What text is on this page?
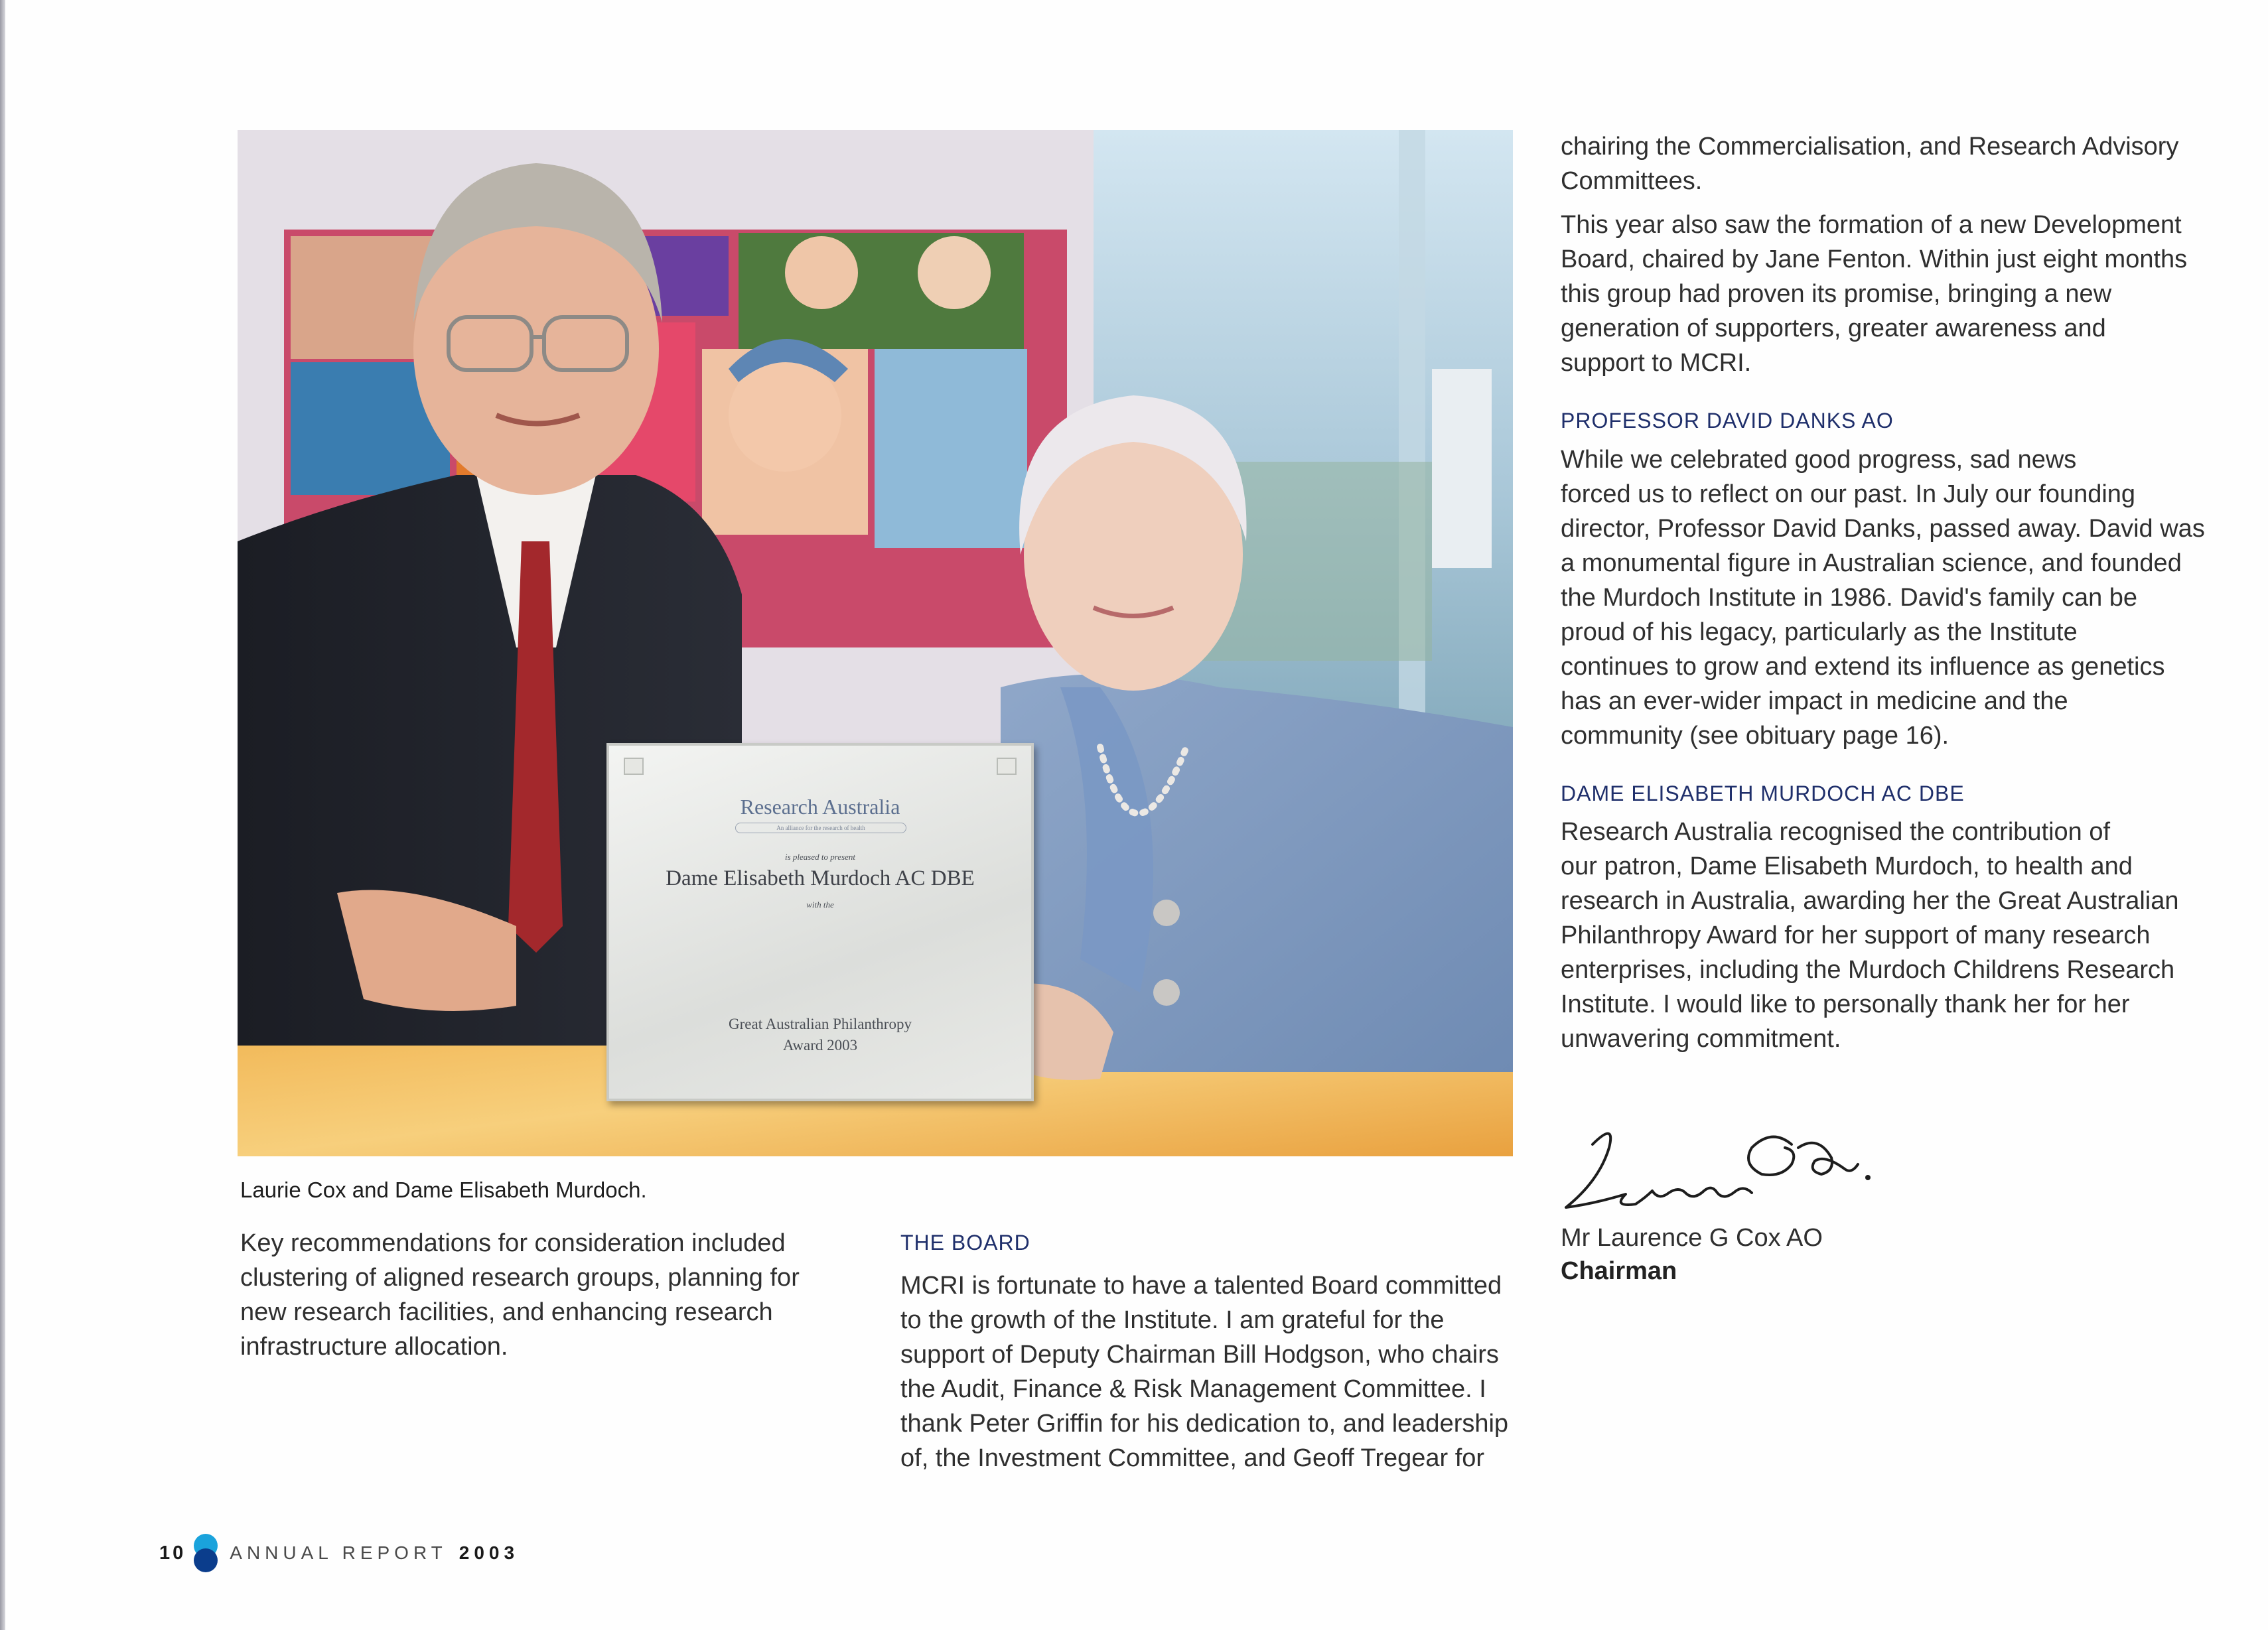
Research Australia
An alliance for the research of health
is pleased to present
Dame Elisabeth Murdoch AC DBE
with the
Great Australian Philanthropy
Award 2003
Laurie Cox and Dame Elisabeth Murdoch.

Key recommendations for consideration included
clustering of aligned research groups, planning for
new research facilities, and enhancing research
infrastructure allocation.

THE BOARD

MCRI is fortunate to have a talented Board committed
to the growth of the Institute. I am grateful for the
support of Deputy Chairman Bill Hodgson, who chairs
the Audit, Finance & Risk Management Committee. I
thank Peter Griffin for his dedication to, and leadership
of, the Investment Committee, and Geoff Tregear for

chairing the Commercialisation, and Research Advisory
Committees.

This year also saw the formation of a new Development
Board, chaired by Jane Fenton. Within just eight months
this group had proven its promise, bringing a new
generation of supporters, greater awareness and
support to MCRI.

PROFESSOR DAVID DANKS AO

While we celebrated good progress, sad news
forced us to reflect on our past. In July our founding
director, Professor David Danks, passed away. David was
a monumental figure in Australian science, and founded
the Murdoch Institute in 1986. David's family can be
proud of his legacy, particularly as the Institute
continues to grow and extend its influence as genetics
has an ever-wider impact in medicine and the
community (see obituary page 16).

DAME ELISABETH MURDOCH AC DBE

Research Australia recognised the contribution of
our patron, Dame Elisabeth Murdoch, to health and
research in Australia, awarding her the Great Australian
Philanthropy Award for her support of many research
enterprises, including the Murdoch Childrens Research
Institute. I would like to personally thank her for her
unwavering commitment.

Mr Laurence G Cox AO
Chairman
10 ANNUAL REPORT 2003
